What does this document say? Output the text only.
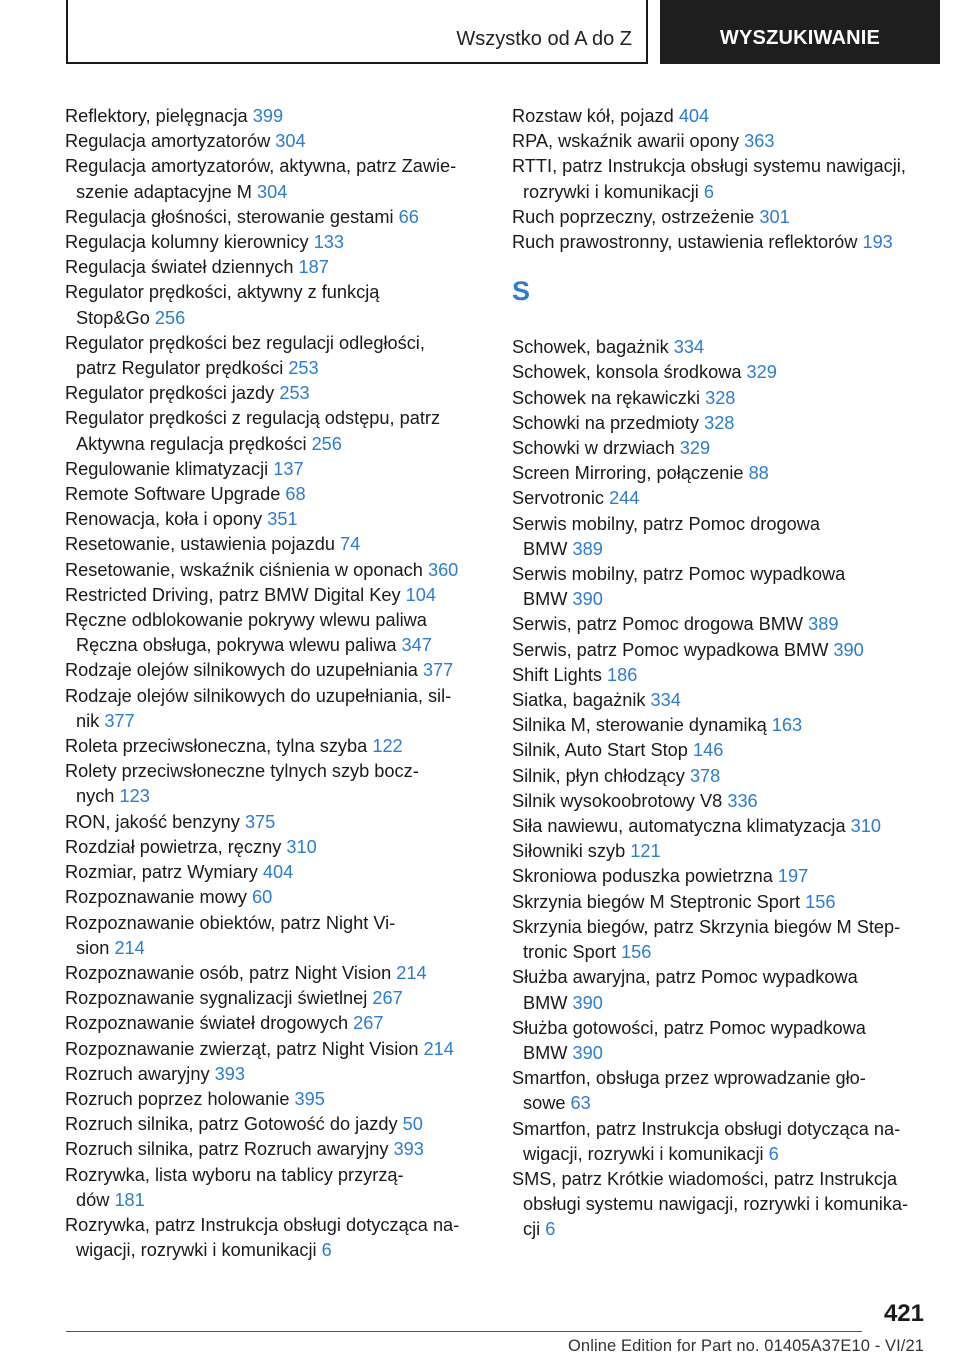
Wszystko od A do Z	WYSZUKIWANIE
Reflektory, pielęgnacja 399
Regulacja amortyzatorów 304
Regulacja amortyzatorów, aktywna, patrz Zawie‐
szenie adaptacyjne M 304
Regulacja głośności, sterowanie gestami 66
Regulacja kolumny kierownicy 133
Regulacja świateł dziennych 187
Regulator prędkości, aktywny z funkcją
Stop&Go 256
Regulator prędkości bez regulacji odległości,
patrz Regulator prędkości 253
Regulator prędkości jazdy 253
Regulator prędkości z regulacją odstępu, patrz
Aktywna regulacja prędkości 256
Regulowanie klimatyzacji 137
Remote Software Upgrade 68
Renowacja, koła i opony 351
Resetowanie, ustawienia pojazdu 74
Resetowanie, wskaźnik ciśnienia w oponach 360
Restricted Driving, patrz BMW Digital Key 104
Ręczne odblokowanie pokrywy wlewu paliwa
Ręczna obsługa, pokrywa wlewu paliwa 347
Rodzaje olejów silnikowych do uzupełniania 377
Rodzaje olejów silnikowych do uzupełniania, sil‐
nik 377
Roleta przeciwsłoneczna, tylna szyba 122
Rolety przeciwsłoneczne tylnych szyb bocz‐
nych 123
RON, jakość benzyny 375
Rozdział powietrza, ręczny 310
Rozmiar, patrz Wymiary 404
Rozpoznawanie mowy 60
Rozpoznawanie obiektów, patrz Night Vi‐
sion 214
Rozpoznawanie osób, patrz Night Vision 214
Rozpoznawanie sygnalizacji świetlnej 267
Rozpoznawanie świateł drogowych 267
Rozpoznawanie zwierząt, patrz Night Vision 214
Rozruch awaryjny 393
Rozruch poprzez holowanie 395
Rozruch silnika, patrz Gotowość do jazdy 50
Rozruch silnika, patrz Rozruch awaryjny 393
Rozrywka, lista wyboru na tablicy przyrzą‐
dów 181
Rozrywka, patrz Instrukcja obsługi dotycząca na‐
wigacji, rozrywki i komunikacji 6
Rozstaw kół, pojazd 404
RPA, wskaźnik awarii opony 363
RTTI, patrz Instrukcja obsługi systemu nawigacji,
rozrywki i komunikacji 6
Ruch poprzeczny, ostrzeżenie 301
Ruch prawostronny, ustawienia reflektorów 193
S
Schowek, bagażnik 334
Schowek, konsola środkowa 329
Schowek na rękawiczki 328
Schowki na przedmioty 328
Schowki w drzwiach 329
Screen Mirroring, połączenie 88
Servotronic 244
Serwis mobilny, patrz Pomoc drogowa
BMW 389
Serwis mobilny, patrz Pomoc wypadkowa
BMW 390
Serwis, patrz Pomoc drogowa BMW 389
Serwis, patrz Pomoc wypadkowa BMW 390
Shift Lights 186
Siatka, bagażnik 334
Silnika M, sterowanie dynamiką 163
Silnik, Auto Start Stop 146
Silnik, płyn chłodzący 378
Silnik wysokoobrotowy V8 336
Siła nawiewu, automatyczna klimatyzacja 310
Siłowniki szyb 121
Skroniowa poduszka powietrzna 197
Skrzynia biegów M Steptronic Sport 156
Skrzynia biegów, patrz Skrzynia biegów M Step‐
tronic Sport 156
Służba awaryjna, patrz Pomoc wypadkowa
BMW 390
Służba gotowości, patrz Pomoc wypadkowa
BMW 390
Smartfon, obsługa przez wprowadzanie gło‐
sowe 63
Smartfon, patrz Instrukcja obsługi dotycząca na‐
wigacji, rozrywki i komunikacji 6
SMS, patrz Krótkie wiadomości, patrz Instrukcja
obsługi systemu nawigacji, rozrywki i komunika‐
cji 6
421
Online Edition for Part no. 01405A37E10 - VI/21
